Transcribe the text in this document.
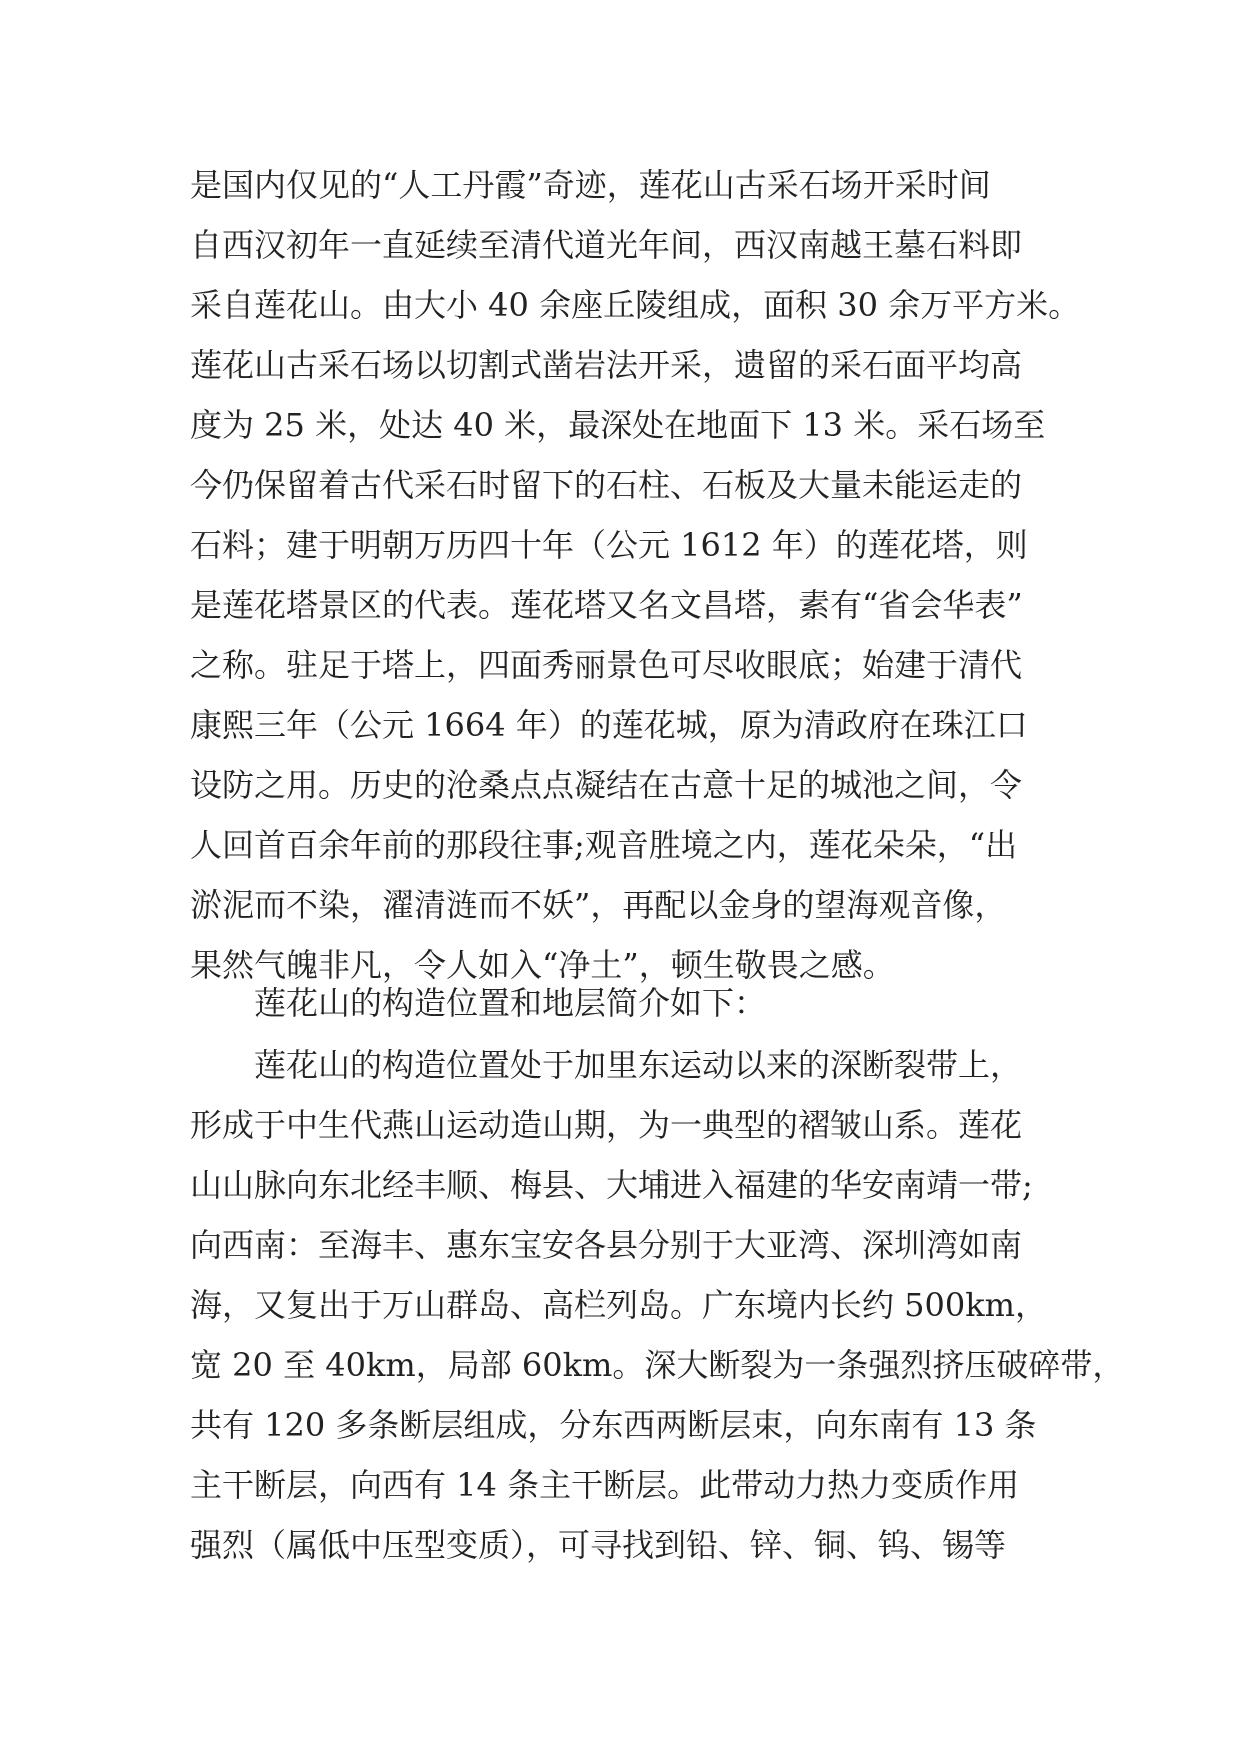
是国内仅见的“人工丹霞”奇迹，莲花山古采石场开采时间
自西汉初年一直延续至清代道光年间，西汉南越王墓石料即
采自莲花山。由大小 40 余座丘陵组成，面积 30 余万平方米。
莲花山古采石场以切割式凿岩法开采，遗留的采石面平均高
度为 25 米，处达 40 米，最深处在地面下 13 米。采石场至
今仍保留着古代采石时留下的石柱、石板及大量未能运走的
石料；建于明朝万历四十年（公元 1612 年）的莲花塔，则
是莲花塔景区的代表。莲花塔又名文昌塔，素有“省会华表”
之称。驻足于塔上，四面秀丽景色可尽收眼底；始建于清代
康熙三年（公元 1664 年）的莲花城，原为清政府在珠江口
设防之用。历史的沧桑点点凝结在古意十足的城池之间，令
人回首百余年前的那段往事;观音胜境之内，莲花朵朵，“出
淤泥而不染，濯清涟而不妖”，再配以金身的望海观音像，
果然气魄非凡，令人如入“净土”，顿生敬畏之感。
莲花山的构造位置和地层简介如下：
莲花山的构造位置处于加里东运动以来的深断裂带上，
形成于中生代燕山运动造山期，为一典型的褶皱山系。莲花
山山脉向东北经丰顺、梅县、大埔进入福建的华安南靖一带;
向西南：至海丰、惠东宝安各县分别于大亚湾、深圳湾如南
海，又复出于万山群岛、高栏列岛。广东境内长约 500km，
宽 20 至 40km，局部 60km。深大断裂为一条强烈挤压破碎带，
共有 120 多条断层组成，分东西两断层束，向东南有 13 条
主干断层，向西有 14 条主干断层。此带动力热力变质作用
强烈（属低中压型变质），可寻找到铅、锌、铜、钨、锡等
